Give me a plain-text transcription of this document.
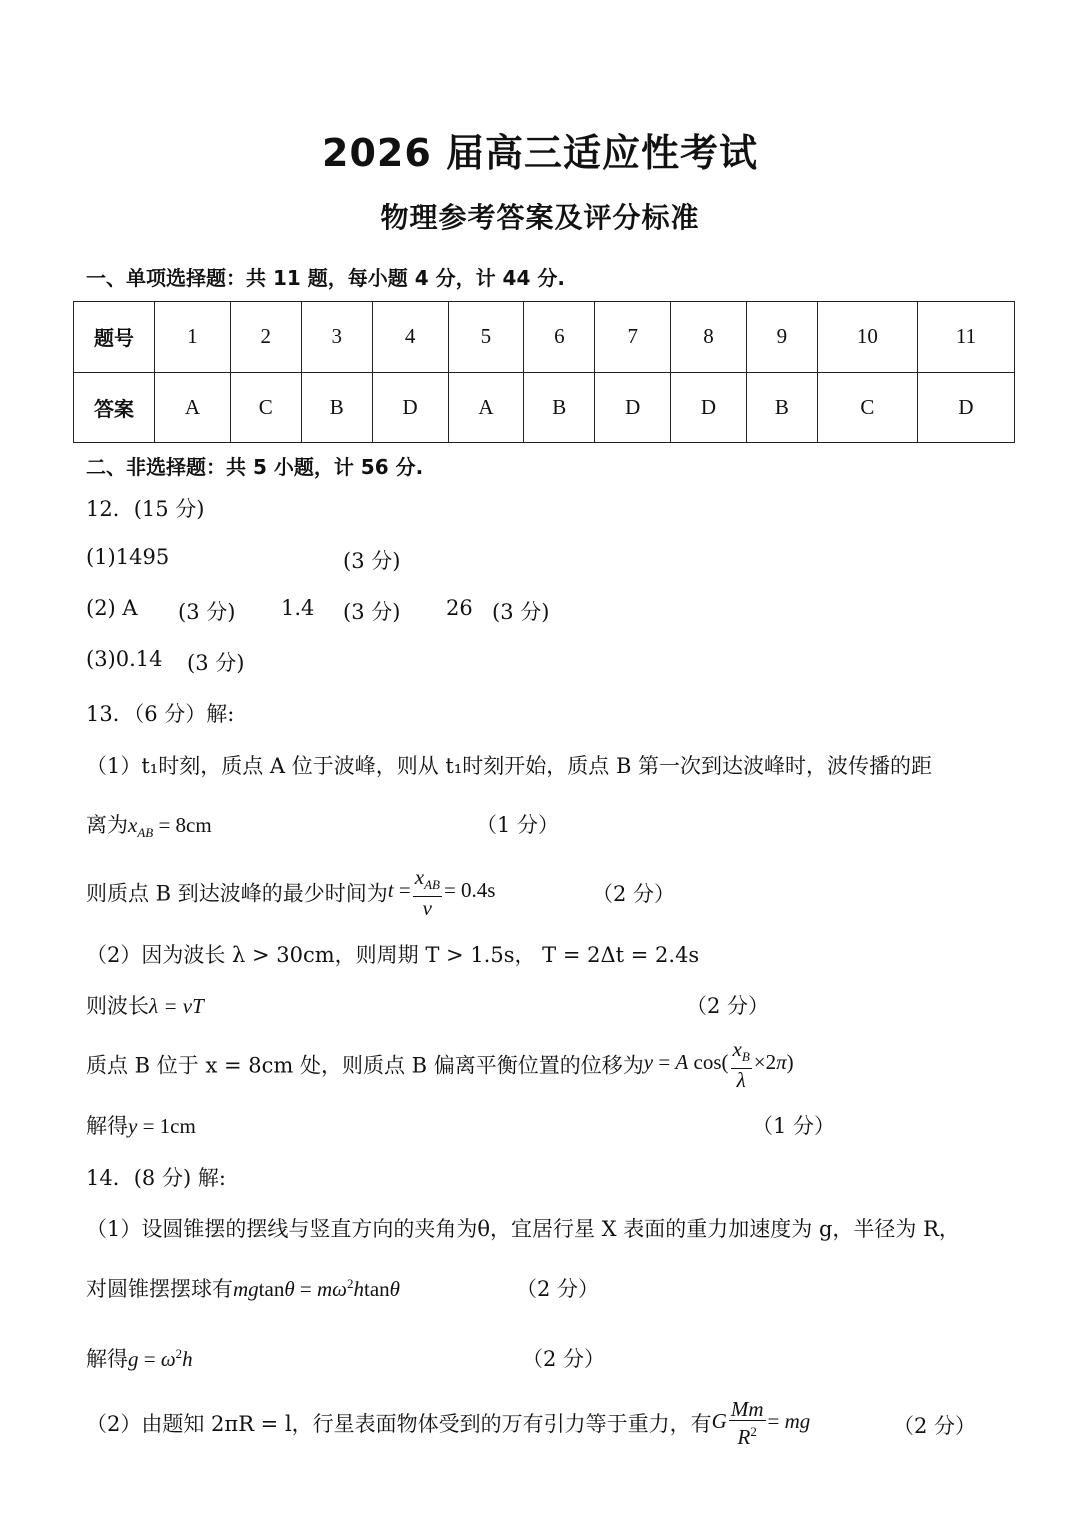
2026 届高三适应性考试
物理参考答案及评分标准
一、单项选择题：共 11 题，每小题 4 分，计 44 分.
题号	1	2	3	4	5	6	7	8	9	10	11
答案	A	C	B	D	A	B	D	D	B	C	D
二、非选择题：共 5 小题，计 56 分.
12．(15 分)
(1)1495	(3 分)
(2) A (3 分) 1.4 (3 分) 26 (3 分)
(3)0.14 (3 分)
13．（6 分）解:
（1）t₁时刻，质点 A 位于波峰，则从 t₁时刻开始，质点 B 第一次到达波峰时，波传播的距
离为$x_{AB} = 8cm$	（1 分）
则质点 B 到达波峰的最少时间为$t = \frac{x_{AB}}{v} = 0.4s$	（2 分）
（2）因为波长 λ > 30cm，则周期 T > 1.5s， T = 2Δt = 2.4s
则波长λ = vT	（2 分）
质点 B 位于 x = 8cm 处，则质点 B 偏离平衡位置的位移为y = A $\cos( \frac{x_B}{\lambda} \times 2\pi)$
解得y = 1cm	（1 分）
14．(8 分) 解:
（1）设圆锥摆的摆线与竖直方向的夹角为θ，宜居行星 X 表面的重力加速度为 g，半径为 R，
对圆锥摆摆球有$mgtan\theta = m\omega^2htan\theta$	（2 分）
解得$g = \omega^2h$	（2 分）
（2）由题知 2πR = l，行星表面物体受到的万有引力等于重力，有G $\frac{Mm}{R^2}$ = mg	（2 分）
